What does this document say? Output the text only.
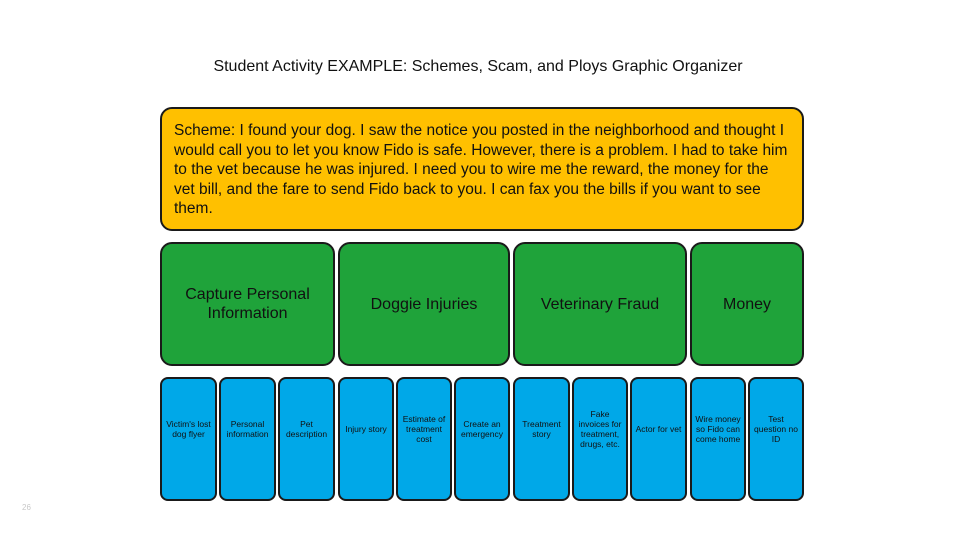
Student Activity EXAMPLE: Schemes, Scam, and Ploys Graphic Organizer
Scheme: I found your dog. I saw the notice you posted in the neighborhood and thought I would call you to let you know Fido is safe. However, there is a problem. I had to take him to the vet because he was injured. I need you to wire me the reward, the money for the vet bill, and the fare to send Fido back to you. I can fax you the bills if you want to see them.
Capture Personal Information
Doggie Injuries	Veterinary Fraud	Money
Victim's lost dog flyer
Personal information
Pet description	Injury story
Estimate of treatment cost
Create an emergency
Treatment story
Fake invoices for treatment, drugs, etc.
Actor for vet
Wire money so Fido can come home
Test question no ID
26
